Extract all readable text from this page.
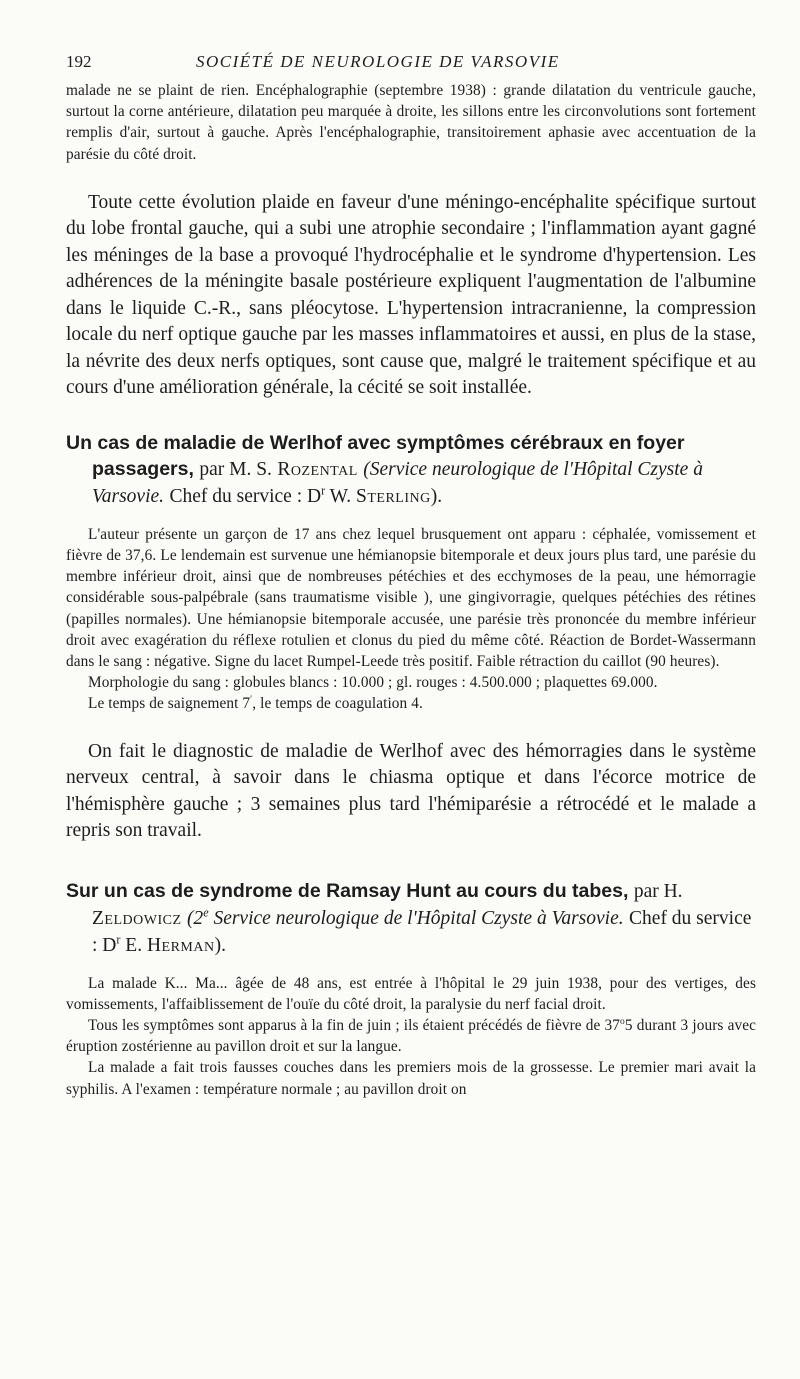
192	SOCIÉTÉ DE NEUROLOGIE DE VARSOVIE

malade ne se plaint de rien. Encéphalographie (septembre 1938) : grande dilatation du ventricule gauche, surtout la corne antérieure, dilatation peu marquée à droite, les sillons entre les circonvolutions sont fortement remplis d'air, surtout à gauche. Après l'encéphalographie, transitoirement aphasie avec accentuation de la parésie du côté droit.

Toute cette évolution plaide en faveur d'une méningo-encéphalite spécifique surtout du lobe frontal gauche, qui a subi une atrophie secondaire ; l'inflammation ayant gagné les méninges de la base a provoqué l'hydrocéphalie et le syndrome d'hypertension. Les adhérences de la méningite basale postérieure expliquent l'augmentation de l'albumine dans le liquide C.-R., sans pléocytose. L'hypertension intracranienne, la compression locale du nerf optique gauche par les masses inflammatoires et aussi, en plus de la stase, la névrite des deux nerfs optiques, sont cause que, malgré le traitement spécifique et au cours d'une amélioration générale, la cécité se soit installée.

Un cas de maladie de Werlhof avec symptômes cérébraux en foyer passagers, par M. S. Rozental (Service neurologique de l'Hôpital Czyste à Varsovie. Chef du service : $D^r$ W. Sterling).

L'auteur présente un garçon de 17 ans chez lequel brusquement ont apparu : céphalée, vomissement et fièvre de 37,6. Le lendemain est survenue une hémianopsie bitemporale et deux jours plus tard, une parésie du membre inférieur droit, ainsi que de nombreuses pétéchies et des ecchymoses de la peau, une hémorragie considérable sous-palpébrale (sans traumatisme visible ), une gingivorragie, quelques pétéchies des rétines (papilles normales). Une hémianopsie bitemporale accusée, une parésie très prononcée du membre inférieur droit avec exagération du réflexe rotulien et clonus du pied du même côté. Réaction de Bordet-Wassermann dans le sang : négative. Signe du lacet Rumpel-Leede très positif. Faible rétraction du caillot (90 heures).

Morphologie du sang : globules blancs : 10.000 ; gl. rouges : 4.500.000 ; plaquettes 69.000.

Le temps de saignement 7′, le temps de coagulation 4.

On fait le diagnostic de maladie de Werlhof avec des hémorragies dans le système nerveux central, à savoir dans le chiasma optique et dans l'écorce motrice de l'hémisphère gauche ; 3 semaines plus tard l'hémiparésie a rétrocédé et le malade a repris son travail.

Sur un cas de syndrome de Ramsay Hunt au cours du tabes, par H. Zeldowicz (2e Service neurologique de l'Hôpital Czyste à Varsovie. Chef du service : $D^r$ E. Herman).

La malade K... Ma... âgée de 48 ans, est entrée à l'hôpital le 29 juin 1938, pour des vertiges, des vomissements, l'affaiblissement de l'ouïe du côté droit, la paralysie du nerf facial droit.

Tous les symptômes sont apparus à la fin de juin ; ils étaient précédés de fièvre de 37$^o$5 durant 3 jours avec éruption zostérienne au pavillon droit et sur la langue.

La malade a fait trois fausses couches dans les premiers mois de la grossesse. Le premier mari avait la syphilis. A l'examen : température normale ; au pavillon droit on
